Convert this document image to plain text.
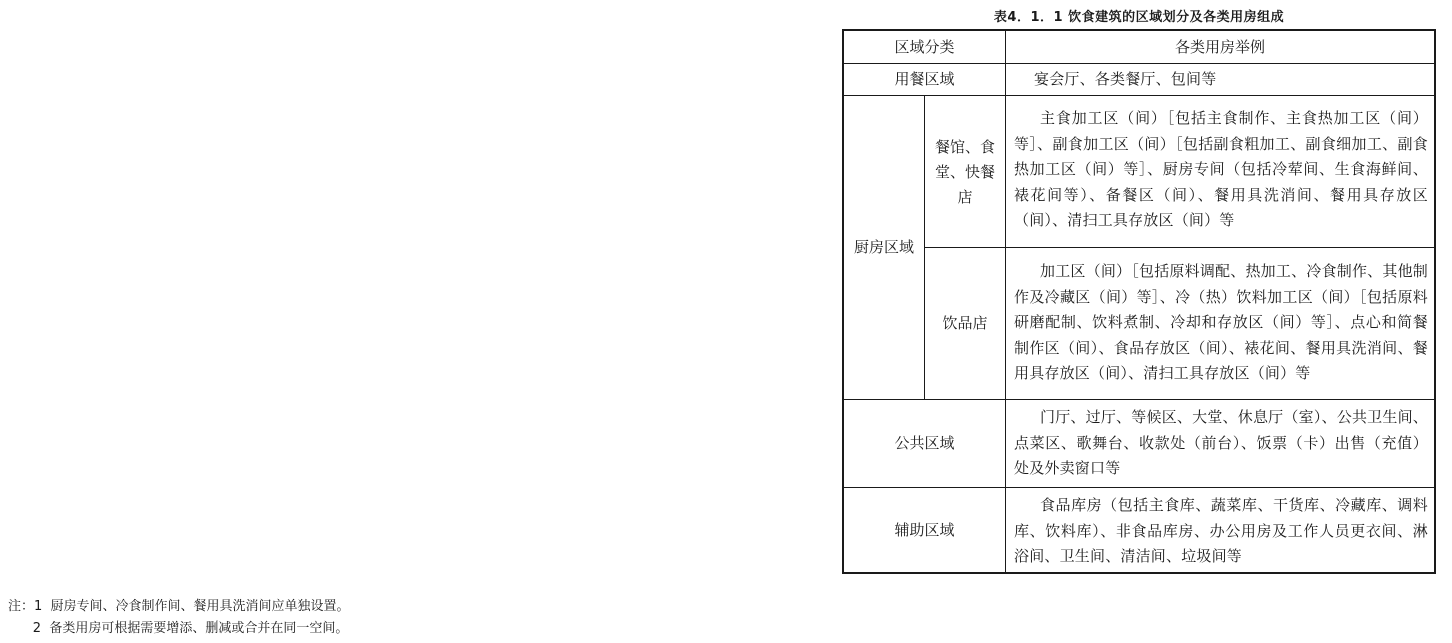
表4．1．1 饮食建筑的区域划分及各类用房组成
区域分类	各类用房举例
用餐区域	宴会厅、各类餐厅、包间等
厨房区域
餐馆、食堂、快餐店
主食加工区（间）［包括主食制作、主食热加工区（间）等］、副食加工区（间）［包括副食粗加工、副食细加工、副食热加工区（间）等］、厨房专间（包括冷荤间、生食海鲜间、裱花间等）、备餐区（间）、餐用具洗消间、餐用具存放区（间）、清扫工具存放区（间）等
饮品店
加工区（间）［包括原料调配、热加工、冷食制作、其他制作及冷藏区（间）等］、冷（热）饮料加工区（间）［包括原料研磨配制、饮料煮制、冷却和存放区（间）等］、点心和简餐制作区（间）、食品存放区（间）、裱花间、餐用具洗消间、餐用具存放区（间）、清扫工具存放区（间）等
公共区域
门厅、过厅、等候区、大堂、休息厅（室）、公共卫生间、点菜区、歌舞台、收款处（前台）、饭票（卡）出售（充值）处及外卖窗口等
辅助区域
食品库房（包括主食库、蔬菜库、干货库、冷藏库、调料库、饮料库）、非食品库房、办公用房及工作人员更衣间、淋浴间、卫生间、清洁间、垃圾间等
注：1  厨房专间、冷食制作间、餐用具洗消间应单独设置。
2  备类用房可根据需要增添、删减或合并在同一空间。
